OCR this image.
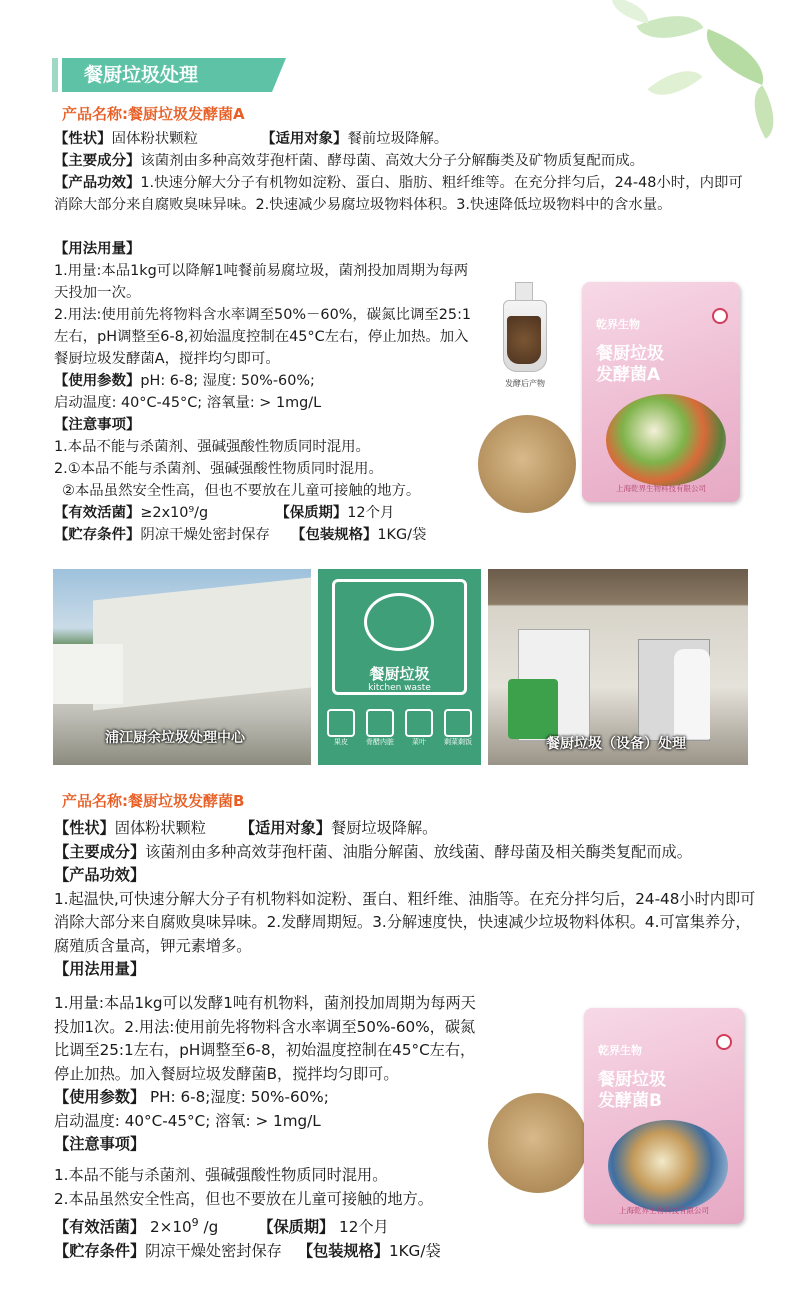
餐厨垃圾处理
产品名称:餐厨垃圾发酵菌A

【性状】固体粉状颗粒	【适用对象】餐前垃圾降解。

【主要成分】该菌剂由多种高效芽孢杆菌、酵母菌、高效大分子分解酶类及矿物质复配而成。

【产品功效】1.快速分解大分子有机物如淀粉、蛋白、脂肪、粗纤维等。在充分拌匀后，24-48小时，内即可消除大部分来自腐败臭味异味。2.快速减少易腐垃圾物料体积。3.快速降低垃圾物料中的含水量。

【用法用量】

1.用量:本品1kg可以降解1吨餐前易腐垃圾，菌剂投加周期为每两天投加一次。

2.用法:使用前先将物料含水率调至50%－60%，碳氮比调至25:1左右，pH调整至6-8,初始温度控制在45°C左右，停止加热。加入餐厨垃圾发酵菌A，搅拌均匀即可。

【使用参数】pH: 6-8; 湿度: 50%-60%;

启动温度: 40°C-45°C; 溶氧量: > 1mg/L

【注意事项】

1.本品不能与杀菌剂、强碱强酸性物质同时混用。

2.①本品不能与杀菌剂、强碱强酸性物质同时混用。

②本品虽然安全性高，但也不要放在儿童可接触的地方。

【有效活菌】≥2x10⁹/g	【保质期】12个月

【贮存条件】阴凉干燥处密封保存 【包装规格】1KG/袋

发酵后产物
乾界生物
餐厨垃圾
发酵菌A
上海乾界生物科技有限公司
浦江厨余垃圾处理中心
餐厨垃圾
kitchen waste
果皮	骨醋内脏	菜叶	剩菜剩饭	餐厨垃圾（设备）处理
产品名称:餐厨垃圾发酵菌B

【性状】固体粉状颗粒 【适用对象】餐厨垃圾降解。

【主要成分】该菌剂由多种高效芽孢杆菌、油脂分解菌、放线菌、酵母菌及相关酶类复配而成。

【产品功效】

1.起温快,可快速分解大分子有机物料如淀粉、蛋白、粗纤维、油脂等。在充分拌匀后，24-48小时内即可消除大部分来自腐败臭味异味。2.发酵周期短。3.分解速度快，快速减少垃圾物料体积。4.可富集养分，腐殖质含量高，钾元素增多。

【用法用量】

1.用量:本品1kg可以发酵1吨有机物料，菌剂投加周期为每两天投加1次。2.用法:使用前先将物料含水率调至50%-60%，碳氮比调至25:1左右，pH调整至6-8，初始温度控制在45°C左右，停止加热。加入餐厨垃圾发酵菌B，搅拌均匀即可。

【使用参数】 PH: 6-8;湿度: 50%-60%;

启动温度: 40°C-45°C; 溶氧: > 1mg/L

【注意事项】

1.本品不能与杀菌剂、强碱强酸性物质同时混用。

2.本品虽然安全性高，但也不要放在儿童可接触的地方。

【有效活菌】 $2\times 10^9$ /g	【保质期】 12个月

【贮存条件】阴凉干燥处密封保存 【包装规格】1KG/袋

乾界生物
餐厨垃圾
发酵菌B
上海乾界生物科技有限公司
